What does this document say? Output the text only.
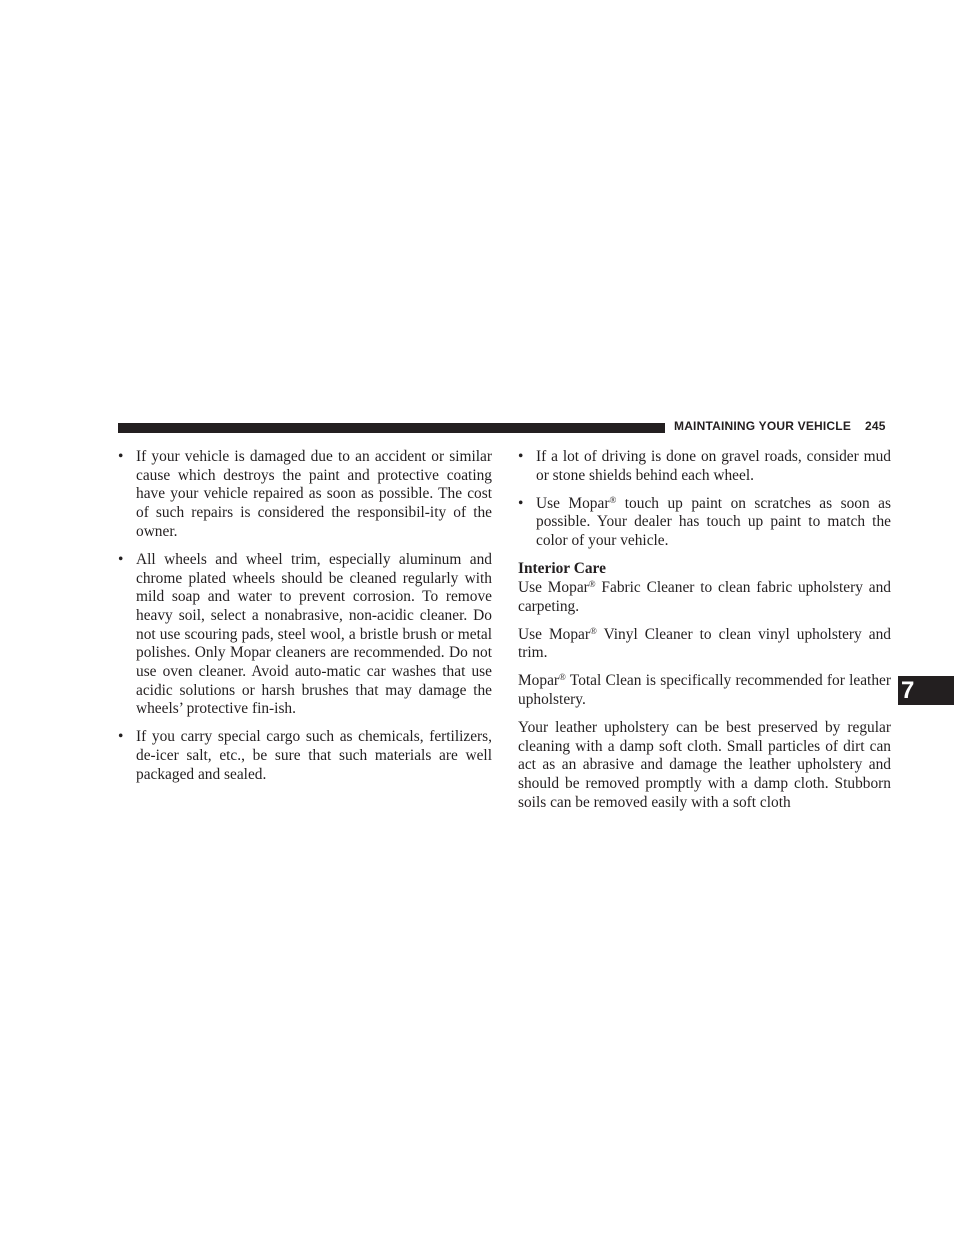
MAINTAINING YOUR VEHICLE 245
7
• If your vehicle is damaged due to an accident or similar cause which destroys the paint and protective coating have your vehicle repaired as soon as possible. The cost of such repairs is considered the responsibil-ity of the owner.
• All wheels and wheel trim, especially aluminum and chrome plated wheels should be cleaned regularly with mild soap and water to prevent corrosion. To remove heavy soil, select a nonabrasive, non-acidic cleaner. Do not use scouring pads, steel wool, a bristle brush or metal polishes. Only Mopar cleaners are recommended. Do not use oven cleaner. Avoid auto-matic car washes that use acidic solutions or harsh brushes that may damage the wheels’ protective fin-ish.
• If you carry special cargo such as chemicals, fertilizers, de-icer salt, etc., be sure that such materials are well packaged and sealed.
• If a lot of driving is done on gravel roads, consider mud or stone shields behind each wheel.
• Use Mopar® touch up paint on scratches as soon as possible. Your dealer has touch up paint to match the color of your vehicle.

Interior Care

Use Mopar® Fabric Cleaner to clean fabric upholstery and carpeting.

Use Mopar® Vinyl Cleaner to clean vinyl upholstery and trim.

Mopar® Total Clean is specifically recommended for leather upholstery.

Your leather upholstery can be best preserved by regular cleaning with a damp soft cloth. Small particles of dirt can act as an abrasive and damage the leather upholstery and should be removed promptly with a damp cloth. Stubborn soils can be removed easily with a soft cloth
